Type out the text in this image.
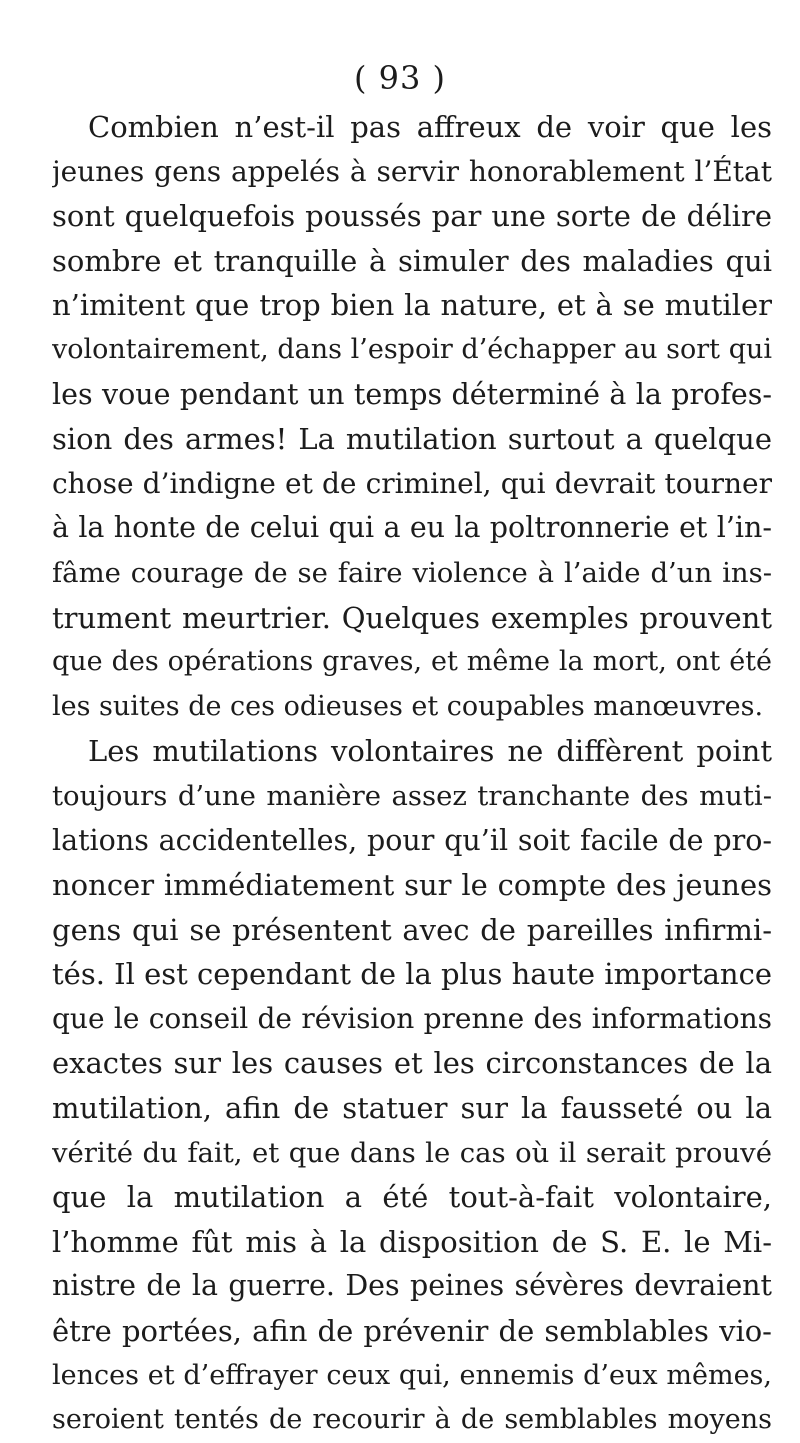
( 93 )
Combien n’est-il pas affreux de voir que les
jeunes gens appelés à servir honorablement l’État
sont quelquefois poussés par une sorte de délire
sombre et tranquille à simuler des maladies qui
n’imitent que trop bien la nature, et à se mutiler
volontairement, dans l’espoir d’échapper au sort qui
les voue pendant un temps déterminé à la profes-
sion des armes! La mutilation surtout a quelque
chose d’indigne et de criminel, qui devrait tourner
à la honte de celui qui a eu la poltronnerie et l’in-
fâme courage de se faire violence à l’aide d’un ins-
trument meurtrier. Quelques exemples prouvent
que des opérations graves, et même la mort, ont été
les suites de ces odieuses et coupables manœuvres.
Les mutilations volontaires ne diffèrent point
toujours d’une manière assez tranchante des muti-
lations accidentelles, pour qu’il soit facile de pro-
noncer immédiatement sur le compte des jeunes
gens qui se présentent avec de pareilles infirmi-
tés. Il est cependant de la plus haute importance
que le conseil de révision prenne des informations
exactes sur les causes et les circonstances de la
mutilation, afin de statuer sur la fausseté ou la
vérité du fait, et que dans le cas où il serait prouvé
que la mutilation a été tout-à-fait volontaire,
l’homme fût mis à la disposition de S. E. le Mi-
nistre de la guerre. Des peines sévères devraient
être portées, afin de prévenir de semblables vio-
lences et d’effrayer ceux qui, ennemis d’eux mêmes,
seroient tentés de recourir à de semblables moyens
